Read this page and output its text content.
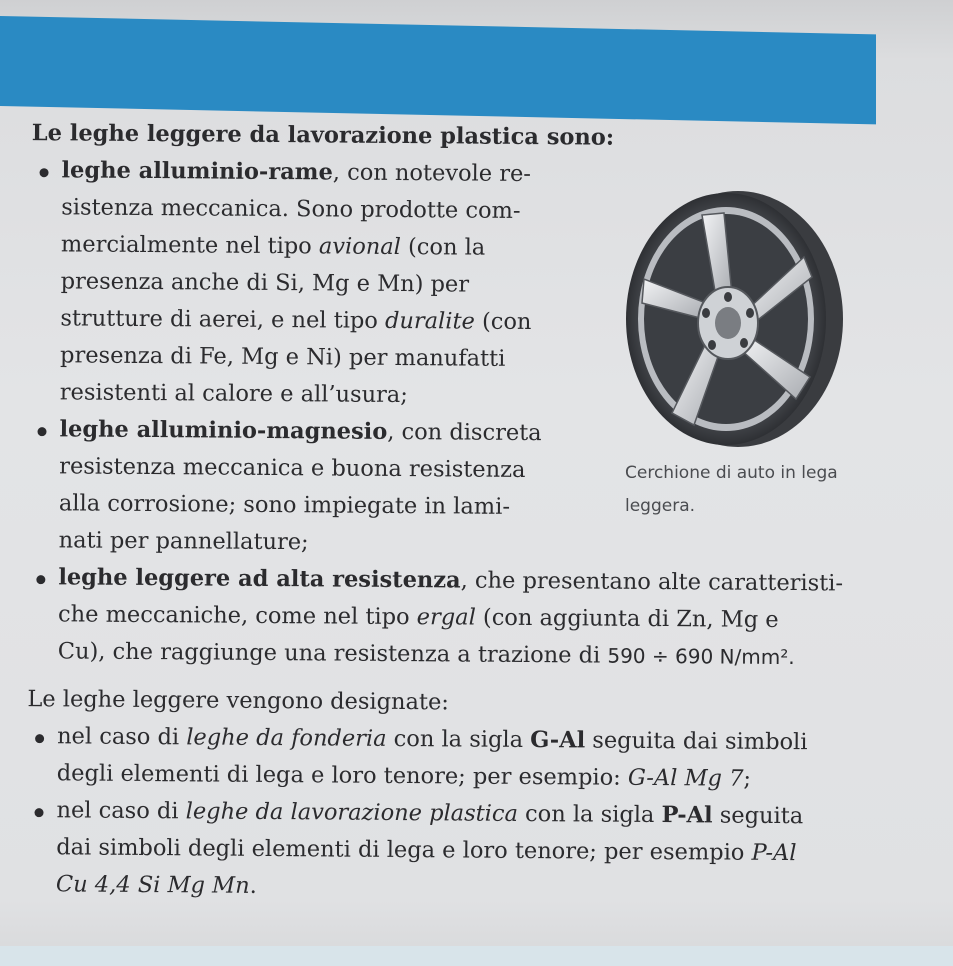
Le leghe leggere da lavorazione plastica sono:
leghe alluminio-rame, con notevole re-
sistenza meccanica. Sono prodotte com-
mercialmente nel tipo avional (con la
presenza anche di Si, Mg e Mn) per
strutture di aerei, e nel tipo duralite (con
presenza di Fe, Mg e Ni) per manufatti
resistenti al calore e all’usura;
leghe alluminio-magnesio, con discreta
resistenza meccanica e buona resistenza
alla corrosione; sono impiegate in lami-
nati per pannellature;
leghe leggere ad alta resistenza, che presentano alte caratteristi-
che meccaniche, come nel tipo ergal (con aggiunta di Zn, Mg e
Cu), che raggiunge una resistenza a trazione di 590 ÷ 690 N/mm².
Le leghe leggere vengono designate:
nel caso di leghe da fonderia con la sigla G-Al seguita dai simboli
degli elementi di lega e loro tenore; per esempio: G-Al Mg 7;
nel caso di leghe da lavorazione plastica con la sigla P-Al seguita
dai simboli degli elementi di lega e loro tenore; per esempio P-Al
Cu 4,4 Si Mg Mn.
Cerchione di auto in lega
leggera.
